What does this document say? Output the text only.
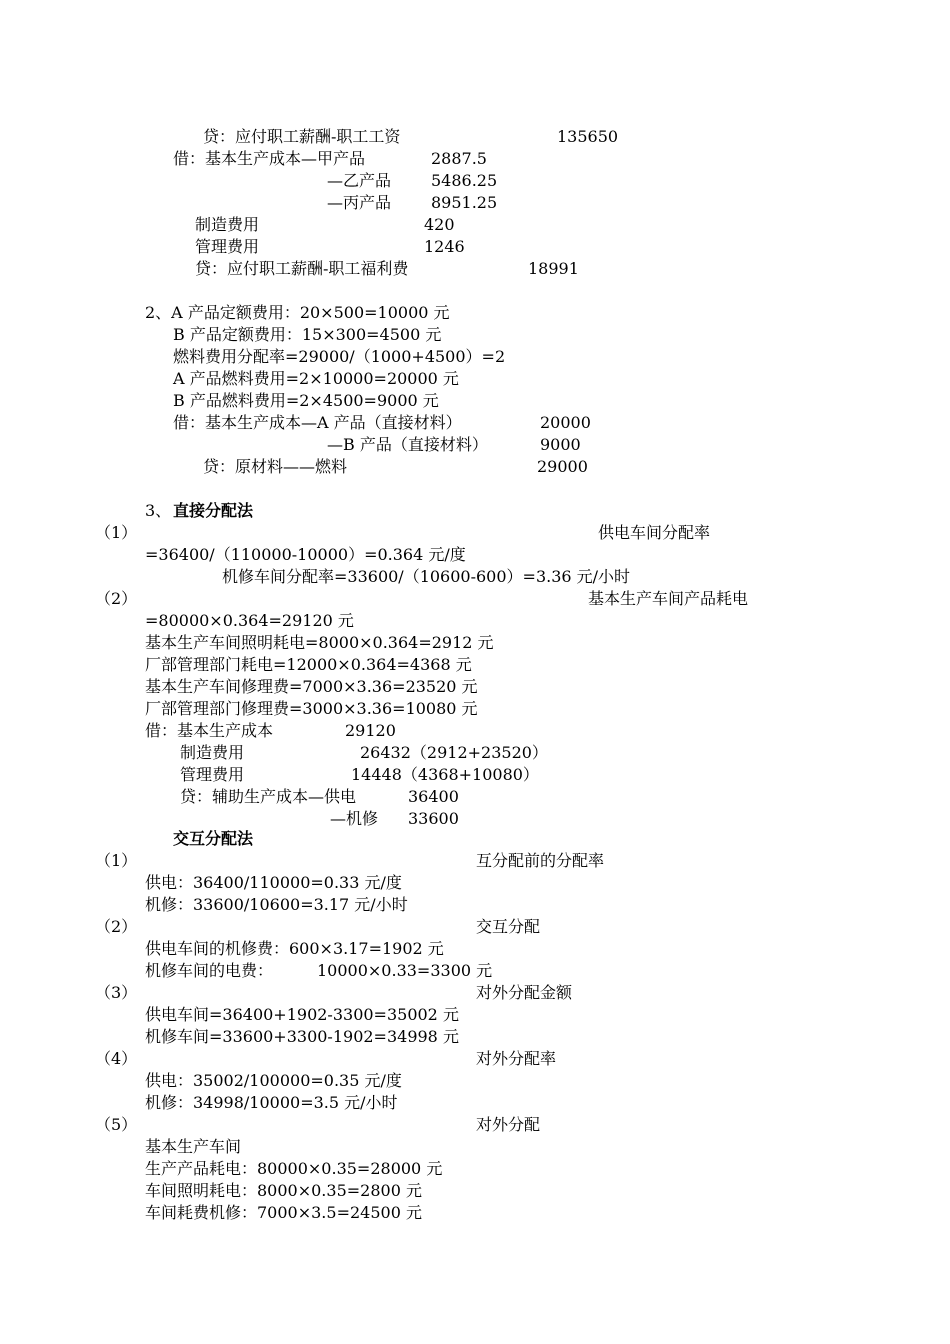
贷：应付职工薪酬-职工工资	135650
借：基本生产成本—甲产品	2887.5
—乙产品 5486.25
—丙产品 8951.25
制造费用	420
管理费用	1246
贷：应付职工薪酬-职工福利费	18991
2、A 产品定额费用：20×500=10000 元
B 产品定额费用：15×300=4500 元
燃料费用分配率=29000/（1000+4500）=2
A 产品燃料费用=2×10000=20000 元
B 产品燃料费用=2×4500=9000 元
借：基本生产成本—A 产品（直接材料）	20000
—B 产品（直接材料）	9000
贷：原材料——燃料	29000
3、 直接分配法
（1）	供电车间分配率
=36400/（110000-10000）=0.364 元/度
机修车间分配率=33600/（10600-600）=3.36 元/小时
（2）	基本生产车间产品耗电
=80000×0.364=29120 元
基本生产车间照明耗电=8000×0.364=2912 元
厂部管理部门耗电=12000×0.364=4368 元
基本生产车间修理费=7000×3.36=23520 元
厂部管理部门修理费=3000×3.36=10080 元
借：基本生产成本	29120
制造费用	26432（2912+23520）
管理费用	14448（4368+10080）
贷：辅助生产成本—供电	36400
—机修 33600
交互分配法
（1）	互分配前的分配率
供电：36400/110000=0.33 元/度
机修：33600/10600=3.17 元/小时
（2）	交互分配
供电车间的机修费：600×3.17=1902 元
机修车间的电费：	10000×0.33=3300 元
（3）	对外分配金额
供电车间=36400+1902-3300=35002 元
机修车间=33600+3300-1902=34998 元
（4）	对外分配率
供电：35002/100000=0.35 元/度
机修：34998/10000=3.5 元/小时
（5）	对外分配
基本生产车间
生产产品耗电：80000×0.35=28000 元
车间照明耗电：8000×0.35=2800 元
车间耗费机修：7000×3.5=24500 元
